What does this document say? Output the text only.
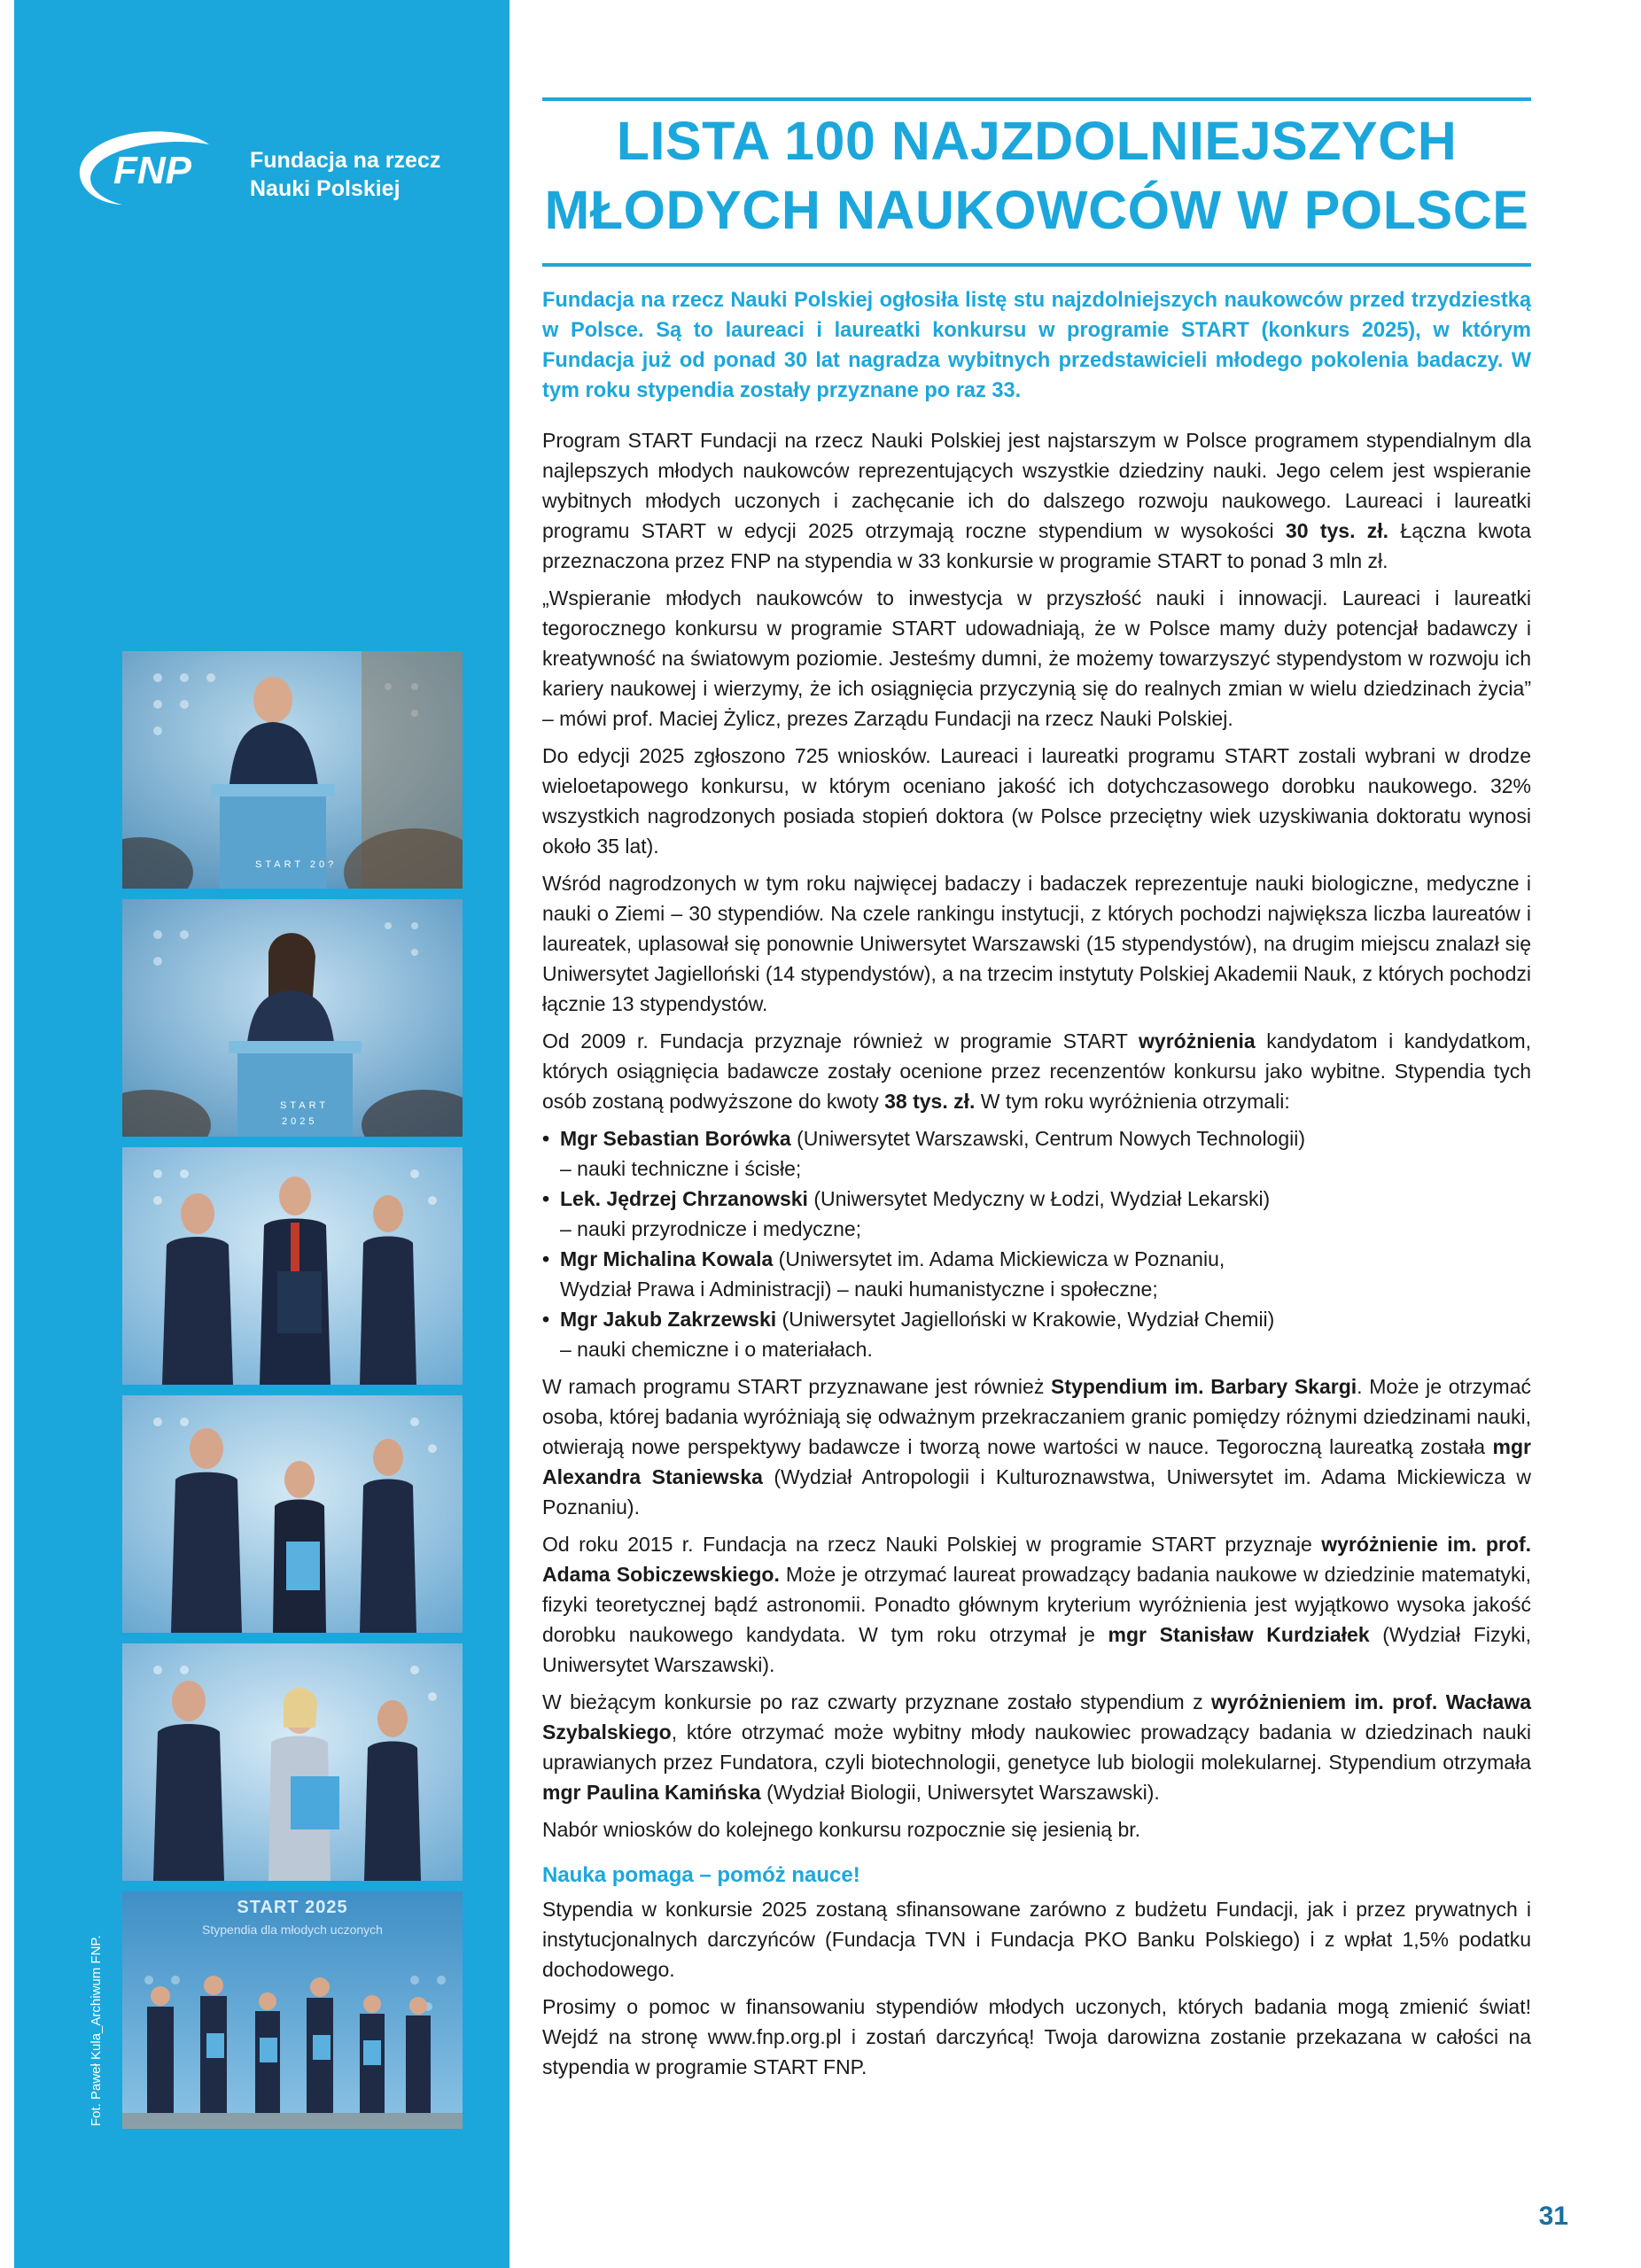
FNP	Fundacja na rzecz
Nauki Polskiej
START 20?
START
2025
START 2025
Stypendia dla młodych uczonych
Fot. Paweł Kula_Archiwum FNP.
LISTA 100 NAJZDOLNIEJSZYCH
MŁODYCH NAUKOWCÓW W POLSCE
Fundacja na rzecz Nauki Polskiej ogłosiła listę stu najzdolniejszych naukowców przed trzydziestką w Polsce. Są to laureaci i laureatki konkursu w programie START (konkurs 2025), w którym Fundacja już od ponad 30 lat nagradza wybitnych przedstawicieli młodego pokolenia badaczy. W tym roku stypendia zostały przyznane po raz 33.

Program START Fundacji na rzecz Nauki Polskiej jest najstarszym w Polsce programem stypendialnym dla najlepszych młodych naukowców reprezentujących wszystkie dziedziny nauki. Jego celem jest wspieranie wybitnych młodych uczonych i zachęcanie ich do dalszego rozwoju naukowego. Laureaci i laureatki programu START w edycji 2025 otrzymają roczne stypendium w wysokości 30 tys. zł. Łączna kwota przeznaczona przez FNP na stypendia w 33 konkursie w programie START to ponad 3 mln zł.

„Wspieranie młodych naukowców to inwestycja w przyszłość nauki i innowacji. Laureaci i laureatki tegorocznego konkursu w programie START udowadniają, że w Polsce mamy duży potencjał badawczy i kreatywność na światowym poziomie. Jesteśmy dumni, że możemy towarzyszyć stypendystom w rozwoju ich kariery naukowej i wierzymy, że ich osiągnięcia przyczynią się do realnych zmian w wielu dziedzinach życia” – mówi prof. Maciej Żylicz, prezes Zarządu Fundacji na rzecz Nauki Polskiej.

Do edycji 2025 zgłoszono 725 wniosków. Laureaci i laureatki programu START zostali wybrani w drodze wieloetapowego konkursu, w którym oceniano jakość ich dotychczasowego dorobku naukowego. 32% wszystkich nagrodzonych posiada stopień doktora (w Polsce przeciętny wiek uzyskiwania doktoratu wynosi około 35 lat).

Wśród nagrodzonych w tym roku najwięcej badaczy i badaczek reprezentuje nauki biologiczne, medyczne i nauki o Ziemi – 30 stypendiów. Na czele rankingu instytucji, z których pochodzi największa liczba laureatów i laureatek, uplasował się ponownie Uniwersytet Warszawski (15 stypendystów), na drugim miejscu znalazł się Uniwersytet Jagielloński (14 stypendystów), a na trzecim instytuty Polskiej Akademii Nauk, z których pochodzi łącznie 13 stypendystów.

Od 2009 r. Fundacja przyznaje również w programie START wyróżnienia kandydatom i kandydatkom, których osiągnięcia badawcze zostały ocenione przez recenzentów konkursu jako wybitne. Stypendia tych osób zostaną podwyższone do kwoty 38 tys. zł. W tym roku wyróżnienia otrzymali:

• Mgr Sebastian Borówka (Uniwersytet Warszawski, Centrum Nowych Technologii)
– nauki techniczne i ścisłe;
• Lek. Jędrzej Chrzanowski (Uniwersytet Medyczny w Łodzi, Wydział Lekarski)
– nauki przyrodnicze i medyczne;
• Mgr Michalina Kowala (Uniwersytet im. Adama Mickiewicza w Poznaniu,
Wydział Prawa i Administracji) – nauki humanistyczne i społeczne;
• Mgr Jakub Zakrzewski (Uniwersytet Jagielloński w Krakowie, Wydział Chemii)
– nauki chemiczne i o materiałach.

W ramach programu START przyznawane jest również Stypendium im. Barbary Skargi. Może je otrzymać osoba, której badania wyróżniają się odważnym przekraczaniem granic pomiędzy różnymi dziedzinami nauki, otwierają nowe perspektywy badawcze i tworzą nowe wartości w nauce. Tegoroczną laureatką została mgr Alexandra Staniewska (Wydział Antropologii i Kulturoznawstwa, Uniwersytet im. Adama Mickiewicza w Poznaniu).

Od roku 2015 r. Fundacja na rzecz Nauki Polskiej w programie START przyznaje wyróżnienie im. prof. Adama Sobiczewskiego. Może je otrzymać laureat prowadzący badania naukowe w dziedzinie matematyki, fizyki teoretycznej bądź astronomii. Ponadto głównym kryterium wyróżnienia jest wyjątkowo wysoka jakość dorobku naukowego kandydata. W tym roku otrzymał je mgr Stanisław Kurdziałek (Wydział Fizyki, Uniwersytet Warszawski).

W bieżącym konkursie po raz czwarty przyznane zostało stypendium z wyróżnieniem im. prof. Wacława Szybalskiego, które otrzymać może wybitny młody naukowiec prowadzący badania w dziedzinach nauki uprawianych przez Fundatora, czyli biotechnologii, genetyce lub biologii molekularnej. Stypendium otrzymała mgr Paulina Kamińska (Wydział Biologii, Uniwersytet Warszawski).

Nabór wniosków do kolejnego konkursu rozpocznie się jesienią br.

Nauka pomaga – pomóż nauce!

Stypendia w konkursie 2025 zostaną sfinansowane zarówno z budżetu Fundacji, jak i przez prywatnych i instytucjonalnych darczyńców (Fundacja TVN i Fundacja PKO Banku Polskiego) i z wpłat 1,5% podatku dochodowego.

Prosimy o pomoc w finansowaniu stypendiów młodych uczonych, których badania mogą zmienić świat! Wejdź na stronę www.fnp.org.pl i zostań darczyńcą! Twoja darowizna zostanie przekazana w całości na stypendia w programie START FNP.

31
